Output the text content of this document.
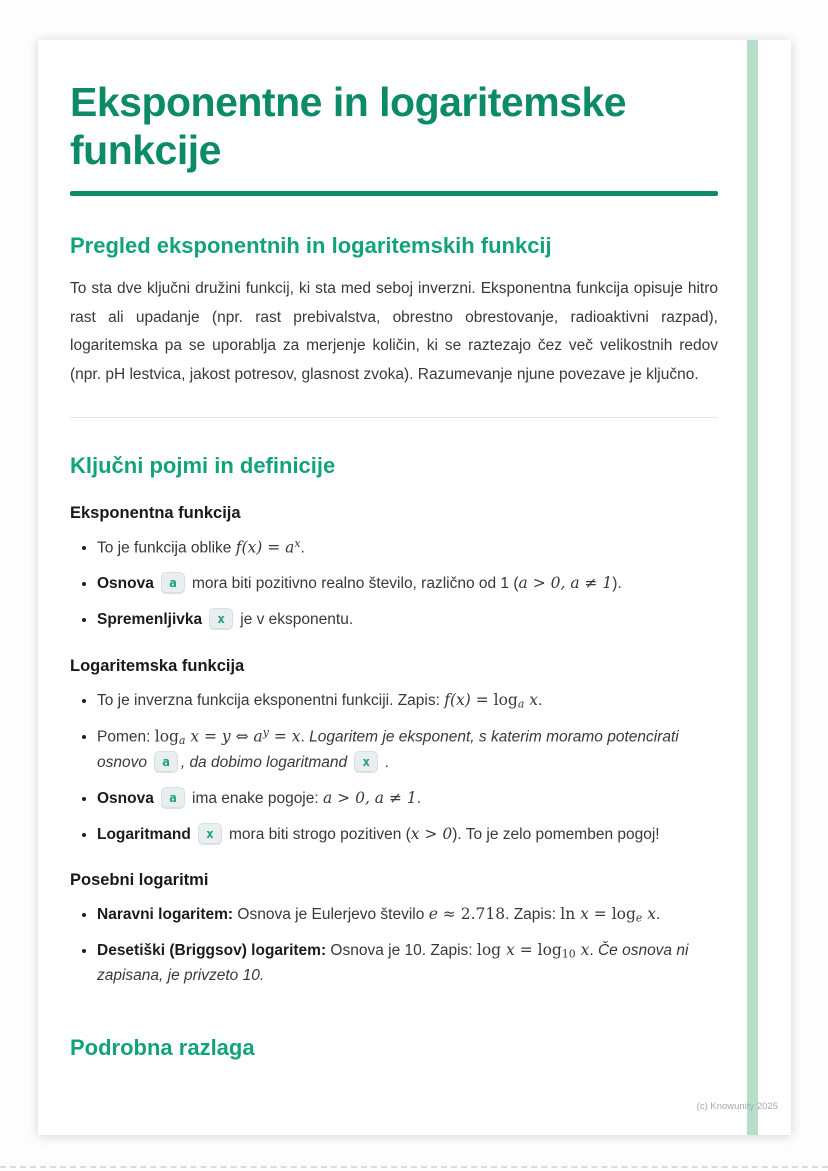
Eksponentne in logaritemske funkcije
Pregled eksponentnih in logaritemskih funkcij

To sta dve ključni družini funkcij, ki sta med seboj inverzni. Eksponentna funkcija opisuje hitro rast ali upadanje (npr. rast prebivalstva, obrestno obrestovanje, radioaktivni razpad), logaritemska pa se uporablja za merjenje količin, ki se raztezajo čez več velikostnih redov (npr. pH lestvica, jakost potresov, glasnost zvoka). Razumevanje njune povezave je ključno.

Ključni pojmi in definicije
Eksponentna funkcija
• To je funkcija oblike $f(x) = a^x$.
• Osnova a mora biti pozitivno realno število, različno od 1 (a > 0, a ≠ 1).
• Spremenljivka x je v eksponentu.
Logaritemska funkcija
• To je inverzna funkcija eksponentni funkciji. Zapis: $f(x) = \log_a x$.
• Pomen: $\log_a x = y$ ⇔ $a^y = x$. Logaritem je eksponent, s katerim moramo potencirati osnovo a , da dobimo logaritmand x .
• Osnova a ima enake pogoje: a > 0, a ≠ 1.
• Logaritmand x mora biti strogo pozitiven (x > 0). To je zelo pomemben pogoj!
Posebni logaritmi
• Naravni logaritem: Osnova je Eulerjevo število e ≈ 2.718. Zapis: $\ln x = \log_e x$.
• Desetiški (Briggsov) logaritem: Osnova je 10. Zapis: $\log x = \log_{10} x$. Če osnova ni zapisana, je privzeto 10.
Podrobna razlaga
(c) Knowunity 2025
